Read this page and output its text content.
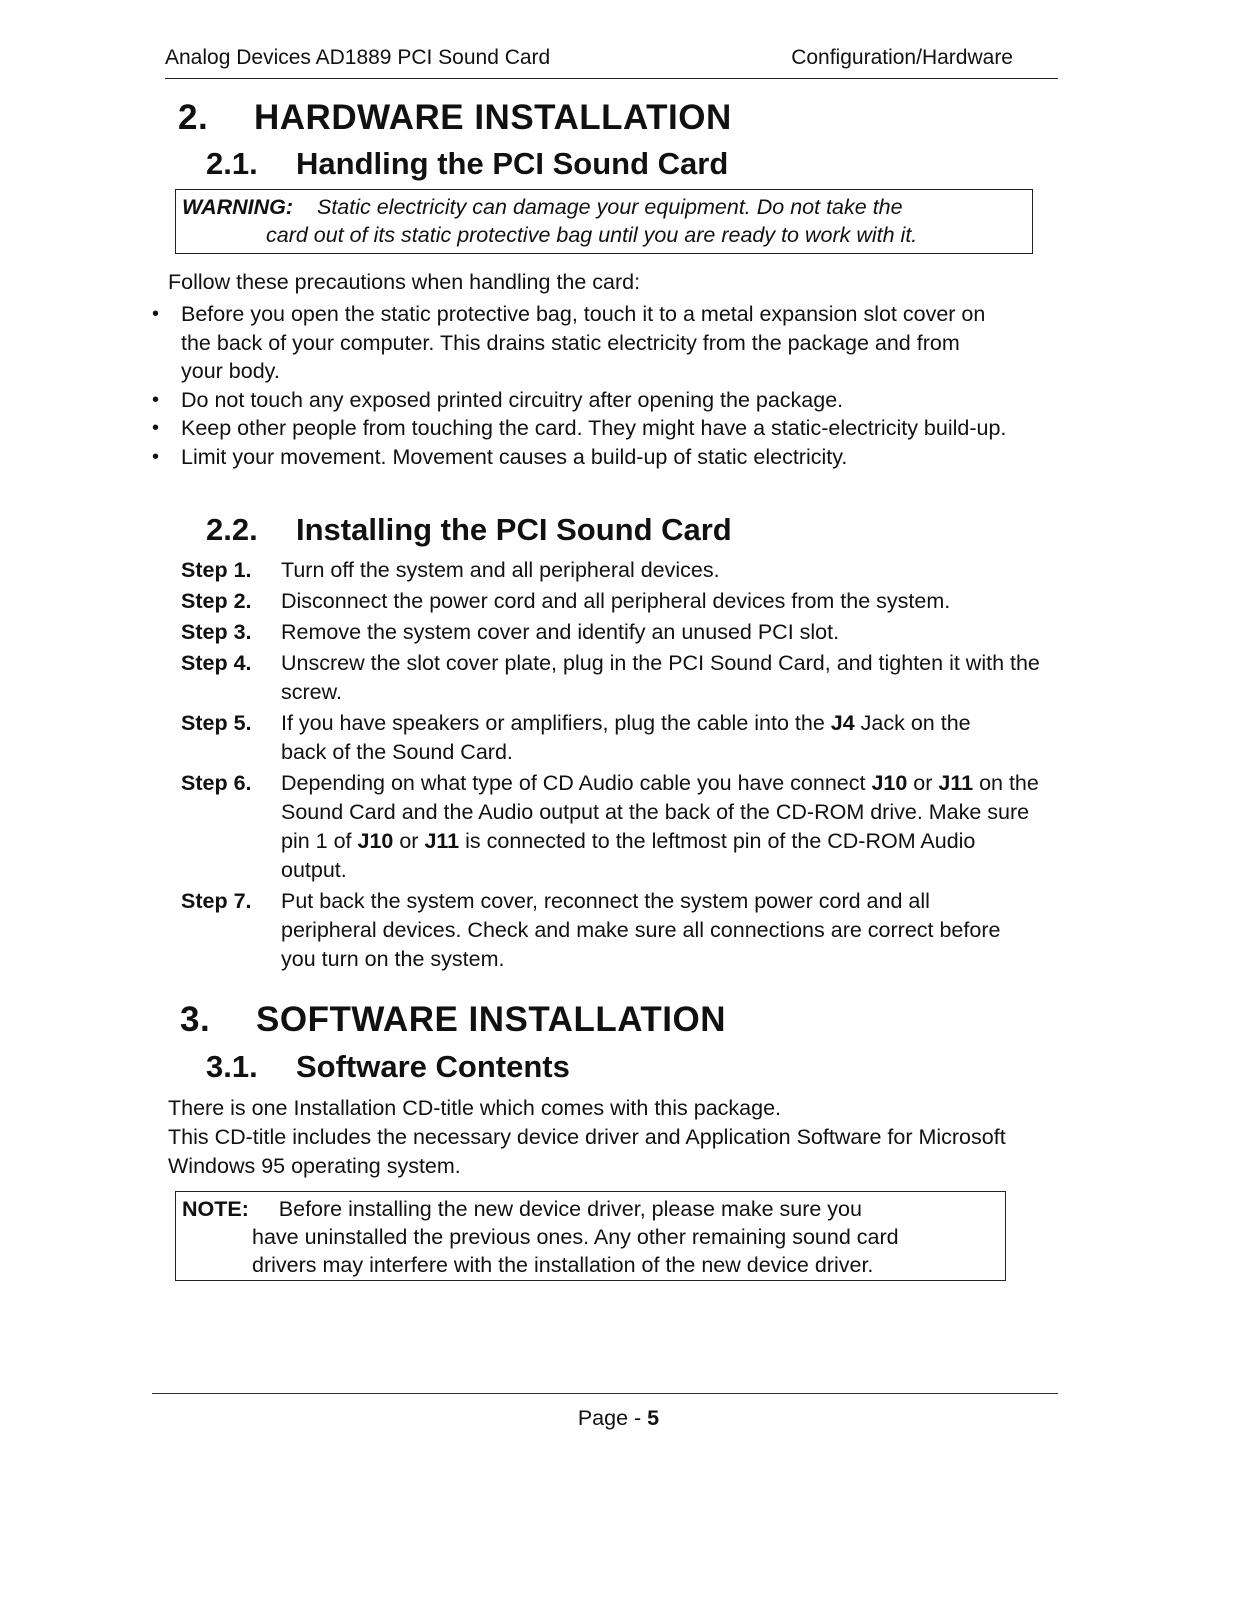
Analog Devices AD1889 PCI Sound Card	Configuration/Hardware
2. HARDWARE INSTALLATION
2.1. Handling the PCI Sound Card
WARNING: Static electricity can damage your equipment. Do not take the
card out of its static protective bag until you are ready to work with it.
Follow these precautions when handling the card:
• Before you open the static protective bag, touch it to a metal expansion slot cover on the back of your computer. This drains static electricity from the package and from your body.
• Do not touch any exposed printed circuitry after opening the package.
• Keep other people from touching the card. They might have a static-electricity build-up.
• Limit your movement. Movement causes a build-up of static electricity.
2.2. Installing the PCI Sound Card
Step 1.	Turn off the system and all peripheral devices.
Step 2.	Disconnect the power cord and all peripheral devices from the system.
Step 3.	Remove the system cover and identify an unused PCI slot.
Step 4.	Unscrew the slot cover plate, plug in the PCI Sound Card, and tighten it with the screw.
Step 5.	If you have speakers or amplifiers, plug the cable into the J4 Jack on the back of the Sound Card.
Step 6.	Depending on what type of CD Audio cable you have connect J10 or J11 on the Sound Card and the Audio output at the back of the CD-ROM drive. Make sure pin 1 of J10 or J11 is connected to the leftmost pin of the CD-ROM Audio output.
Step 7.	Put back the system cover, reconnect the system power cord and all peripheral devices. Check and make sure all connections are correct before you turn on the system.
3. SOFTWARE INSTALLATION
3.1. Software Contents
There is one Installation CD-title which comes with this package.
This CD-title includes the necessary device driver and Application Software for Microsoft Windows 95 operating system.
NOTE: Before installing the new device driver, please make sure you
have uninstalled the previous ones. Any other remaining sound card
drivers may interfere with the installation of the new device driver.
Page - 5
